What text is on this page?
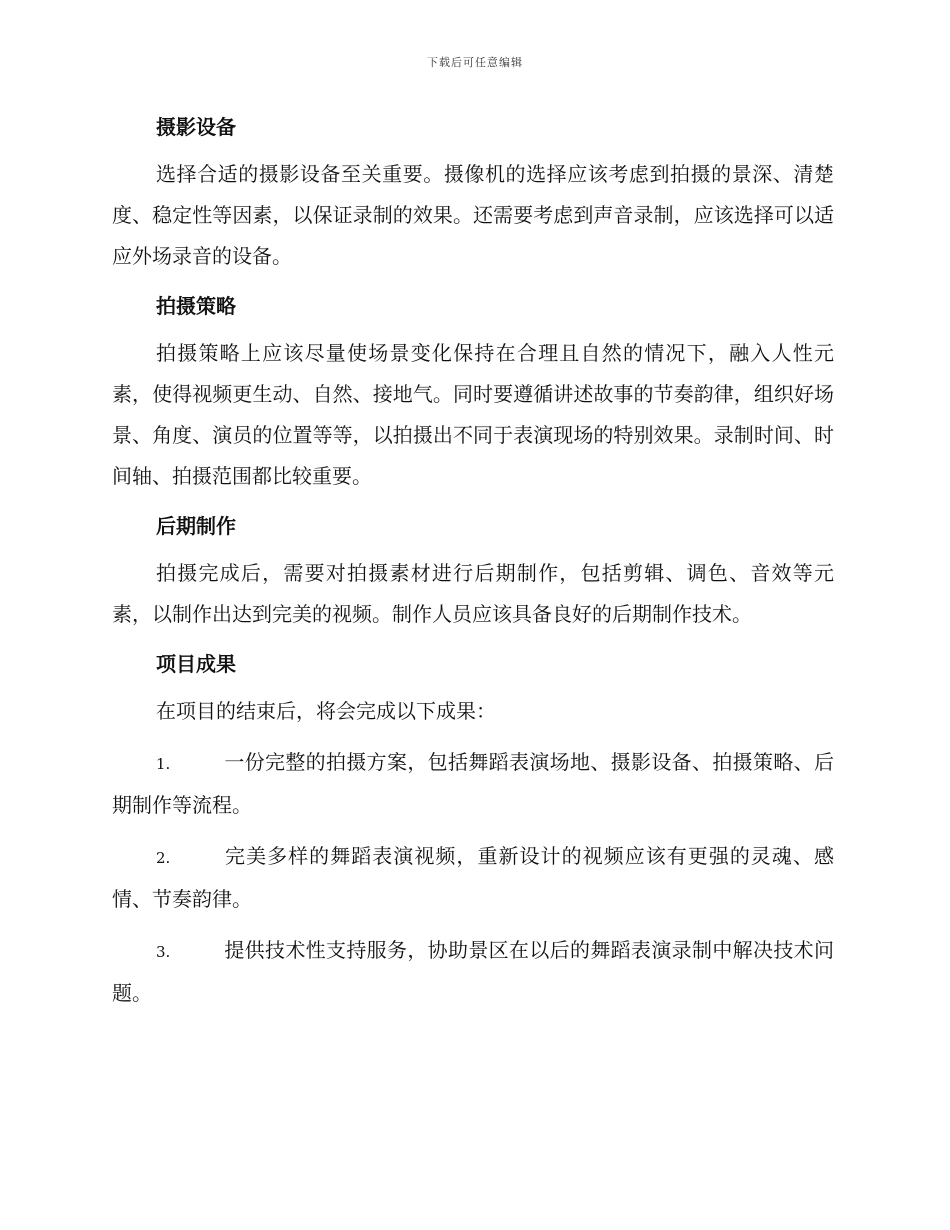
下载后可任意编辑
摄影设备

选择合适的摄影设备至关重要。摄像机的选择应该考虑到拍摄的景深、清楚度、稳定性等因素，以保证录制的效果。还需要考虑到声音录制，应该选择可以适应外场录音的设备。

拍摄策略

拍摄策略上应该尽量使场景变化保持在合理且自然的情况下，融入人性元素，使得视频更生动、自然、接地气。同时要遵循讲述故事的节奏韵律，组织好场景、角度、演员的位置等等，以拍摄出不同于表演现场的特别效果。录制时间、时间轴、拍摄范围都比较重要。

后期制作

拍摄完成后，需要对拍摄素材进行后期制作，包括剪辑、调色、音效等元素，以制作出达到完美的视频。制作人员应该具备良好的后期制作技术。

项目成果

在项目的结束后，将会完成以下成果：

1.	一份完整的拍摄方案，包括舞蹈表演场地、摄影设备、拍摄策略、后期制作等流程。

2.	完美多样的舞蹈表演视频，重新设计的视频应该有更强的灵魂、感情、节奏韵律。

3.	提供技术性支持服务，协助景区在以后的舞蹈表演录制中解决技术问题。
